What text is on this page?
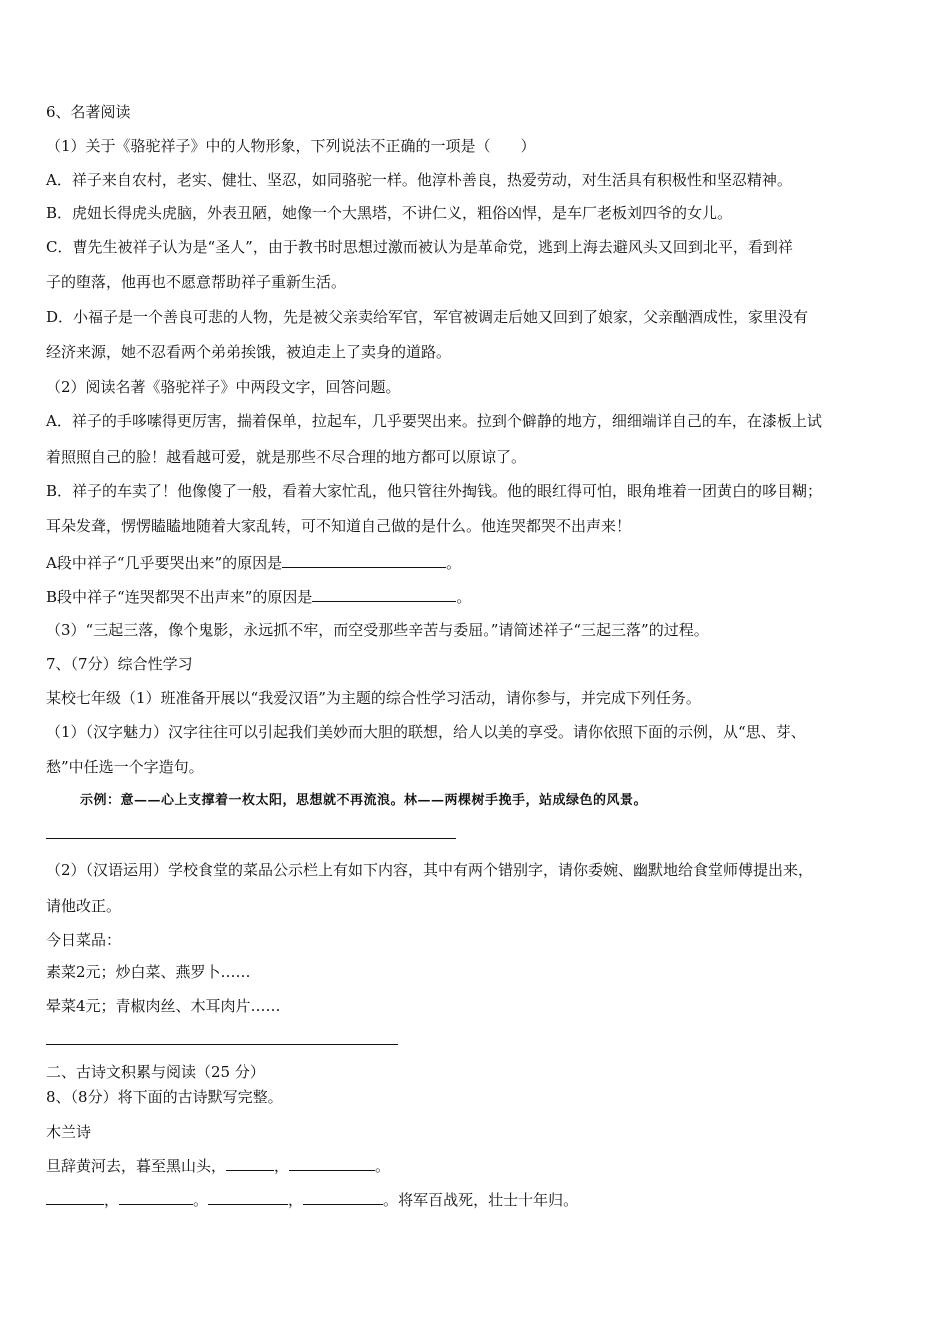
6、名著阅读
（1）关于《骆驼祥子》中的人物形象，下列说法不正确的一项是（　　）
A．祥子来自农村，老实、健壮、坚忍，如同骆驼一样。他淳朴善良，热爱劳动，对生活具有积极性和坚忍精神。
B．虎妞长得虎头虎脑，外表丑陋，她像一个大黑塔，不讲仁义，粗俗凶悍，是车厂老板刘四爷的女儿。
C．曹先生被祥子认为是“圣人”，由于教书时思想过激而被认为是革命党，逃到上海去避风头又回到北平，看到祥
子的堕落，他再也不愿意帮助祥子重新生活。
D．小福子是一个善良可悲的人物，先是被父亲卖给军官，军官被调走后她又回到了娘家，父亲酗酒成性，家里没有
经济来源，她不忍看两个弟弟挨饿，被迫走上了卖身的道路。
（2）阅读名著《骆驼祥子》中两段文字，回答问题。
A．祥子的手哆嗦得更厉害，揣着保单，拉起车，几乎要哭出来。拉到个僻静的地方，细细端详自己的车，在漆板上试
着照照自己的脸！越看越可爱，就是那些不尽合理的地方都可以原谅了。
B．祥子的车卖了！他像傻了一般，看着大家忙乱，他只管往外掏钱。他的眼红得可怕，眼角堆着一团黄白的哆目糊；
耳朵发聋，愣愣瞌瞌地随着大家乱转，可不知道自己做的是什么。他连哭都哭不出声来！
A段中祥子“几乎要哭出来”的原因是	。
B段中祥子“连哭都哭不出声来”的原因是	。
（3）“三起三落，像个鬼影，永远抓不牢，而空受那些辛苦与委屈。”请简述祥子“三起三落”的过程。
7、（7分）综合性学习
某校七年级（1）班准备开展以“我爱汉语”为主题的综合性学习活动，请你参与，并完成下列任务。
（1）（汉字魅力）汉字往往可以引起我们美妙而大胆的联想，给人以美的享受。请你依照下面的示例，从“思、芽、
愁”中任选一个字造句。
示例：意——心上支撑着一枚太阳，思想就不再流浪。林——两棵树手挽手，站成绿色的风景。
（2）（汉语运用）学校食堂的菜品公示栏上有如下内容，其中有两个错别字，请你委婉、幽默地给食堂师傅提出来，
请他改正。
今日菜品：
素菜2元；炒白菜、燕罗卜……
晕菜4元；青椒肉丝、木耳肉片……
二、古诗文积累与阅读（25 分）
8、（8分）将下面的古诗默写完整。
木兰诗
旦辞黄河去，暮至黑山头，	，	。
，	。	，	。将军百战死，壮士十年归。
